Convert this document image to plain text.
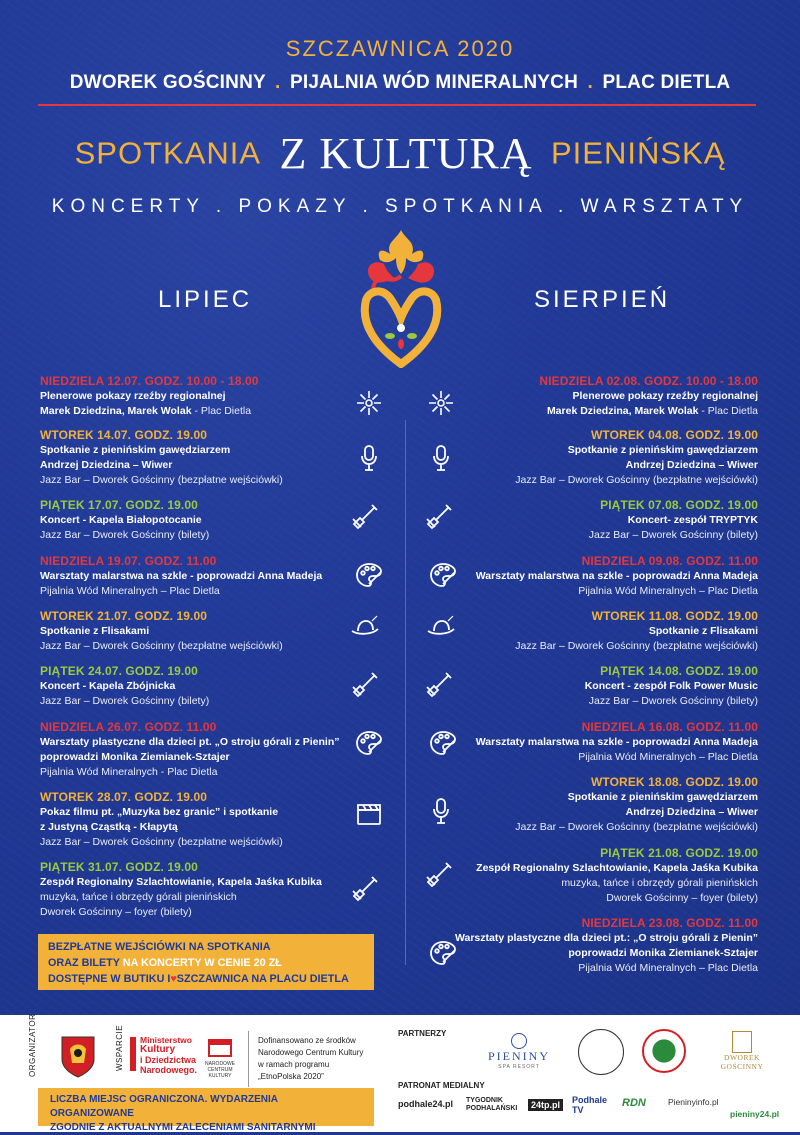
SZCZAWNICA 2020
DWOREK GOŚCINNY . PIJALNIA WÓD MINERALNYCH . PLAC DIETLA
SPOTKANIA Z KULTURĄ PIENIŃSKĄ
KONCERTY . POKAZY . SPOTKANIA . WARSZTATY
LIPIEC	SIERPIEŃ
NIEDZIELA 12.07. GODZ. 10.00 - 18.00
Plenerowe pokazy rzeźby regionalnej
Marek Dziedzina, Marek Wolak - Plac Dietla
WTOREK 14.07. GODZ. 19.00
Spotkanie z pienińskim gawędziarzem
Andrzej Dziedzina – Wiwer
Jazz Bar – Dworek Gościnny (bezpłatne wejściówki)
PIĄTEK 17.07. GODZ. 19.00
Koncert - Kapela Białopotocanie
Jazz Bar – Dworek Gościnny (bilety)
NIEDZIELA 19.07. GODZ. 11.00
Warsztaty malarstwa na szkle - poprowadzi Anna Madeja
Pijalnia Wód Mineralnych – Plac Dietla
WTOREK 21.07. GODZ. 19.00
Spotkanie z Flisakami
Jazz Bar – Dworek Gościnny (bezpłatne wejściówki)
PIĄTEK 24.07. GODZ. 19.00
Koncert - Kapela Zbójnicka
Jazz Bar – Dworek Gościnny (bilety)
NIEDZIELA 26.07. GODZ. 11.00
Warsztaty plastyczne dla dzieci pt. „O stroju górali z Pienin”
poprowadzi Monika Ziemianek-Sztajer
Pijalnia Wód Mineralnych - Plac Dietla
WTOREK 28.07. GODZ. 19.00
Pokaz filmu pt. „Muzyka bez granic” i spotkanie
z Justyną Cząstką - Kłapytą
Jazz Bar – Dworek Gościnny (bezpłatne wejściówki)
PIĄTEK 31.07. GODZ. 19.00
Zespół Regionalny Szlachtowianie, Kapela Jaśka Kubika
muzyka, tańce i obrzędy górali pienińskich
Dworek Gościnny – foyer (bilety)
NIEDZIELA 02.08. GODZ. 10.00 - 18.00
Plenerowe pokazy rzeźby regionalnej
Marek Dziedzina, Marek Wolak - Plac Dietla
WTOREK 04.08. GODZ. 19.00
Spotkanie z pienińskim gawędziarzem
Andrzej Dziedzina – Wiwer
Jazz Bar – Dworek Gościnny (bezpłatne wejściówki)
PIĄTEK 07.08. GODZ. 19.00
Koncert- zespół TRYPTYK
Jazz Bar – Dworek Gościnny (bilety)
NIEDZIELA 09.08. GODZ. 11.00
Warsztaty malarstwa na szkle - poprowadzi Anna Madeja
Pijalnia Wód Mineralnych – Plac Dietla
WTOREK 11.08. GODZ. 19.00
Spotkanie z Flisakami
Jazz Bar – Dworek Gościnny (bezpłatne wejściówki)
PIĄTEK 14.08. GODZ. 19.00
Koncert - zespół Folk Power Music
Jazz Bar – Dworek Gościnny (bilety)
NIEDZIELA 16.08. GODZ. 11.00
Warsztaty malarstwa na szkle - poprowadzi Anna Madeja
Pijalnia Wód Mineralnych – Plac Dietla
WTOREK 18.08. GODZ. 19.00
Spotkanie z pienińskim gawędziarzem
Andrzej Dziedzina – Wiwer
Jazz Bar – Dworek Gościnny (bezpłatne wejściówki)
PIĄTEK 21.08. GODZ. 19.00
Zespół Regionalny Szlachtowianie, Kapela Jaśka Kubika
muzyka, tańce i obrzędy górali pienińskich
Dworek Gościnny – foyer (bilety)
NIEDZIELA 23.08. GODZ. 11.00
Warsztaty plastyczne dla dzieci pt.: „O stroju górali z Pienin”
poprowadzi Monika Ziemianek-Sztajer
Pijalnia Wód Mineralnych – Plac Dietla
BEZPŁATNE WEJŚCIÓWKI NA SPOTKANIA
ORAZ BILETY NA KONCERTY W CENIE 20 ZŁ
DOSTĘPNE W BUTIKU I♥SZCZAWNICA NA PLACU DIETLA
ORGANIZATOR	WSPARCIE Ministerstwo
Kultury
i Dziedzictwa
Narodowego.
NARODOWE
CENTRUM
KULTURY
Dofinansowano ze środków
Narodowego Centrum Kultury
w ramach programu
„EtnoPolska 2020”
PARTNERZY
PIENINY
SPA RESORT
DWOREK GOŚCINNY
PATRONAT MEDIALNY
podhale24.pl TYGODNIK PODHALAŃSKI	24tp.pl	Podhale TV
RDN	Pieninyinfo.pl
pieniny24.pl
LICZBA MIEJSC OGRANICZONA. WYDARZENIA ORGANIZOWANE
ZGODNIE Z AKTUALNYMI ZALECENIAMI SANITARNYMI
